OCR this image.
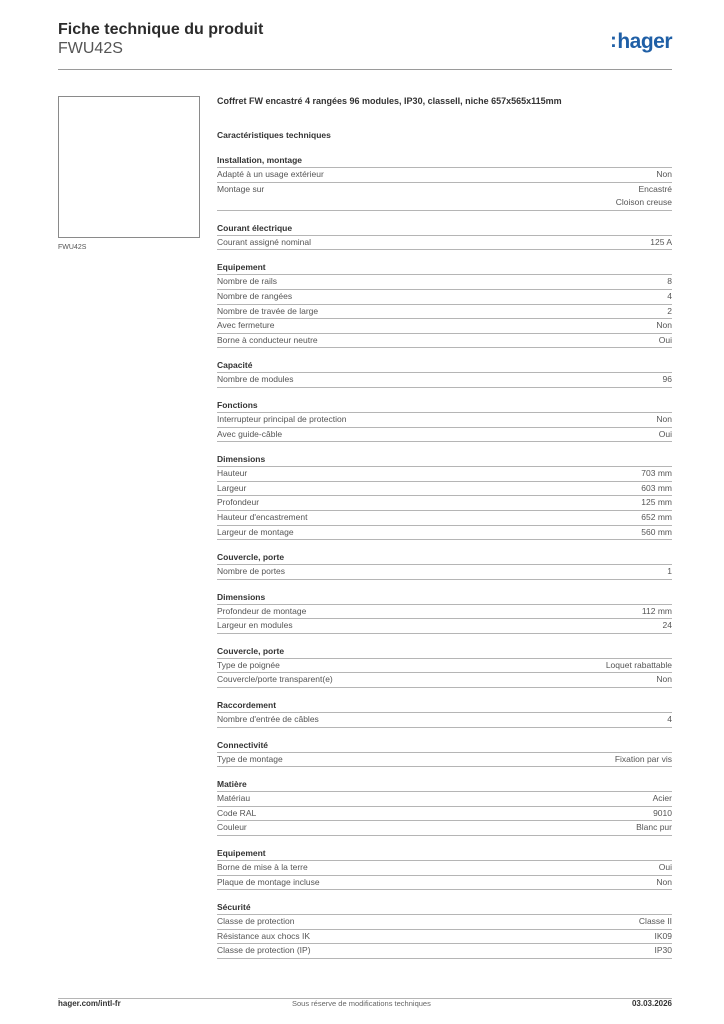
Fiche technique du produit
FWU42S	:hager
FWU42S
Coffret FW encastré 4 rangées 96 modules, IP30, classeII, niche 657x565x115mm
Caractéristiques techniques
Installation, montage
Adapté à un usage extérieur	Non
Montage sur	Encastré
Cloison creuse
Courant électrique
Courant assigné nominal	125 A
Equipement
Nombre de rails	8
Nombre de rangées	4
Nombre de travée de large	2
Avec fermeture	Non
Borne à conducteur neutre	Oui
Capacité
Nombre de modules	96
Fonctions
Interrupteur principal de protection	Non
Avec guide-câble	Oui
Dimensions
Hauteur	703 mm
Largeur	603 mm
Profondeur	125 mm
Hauteur d'encastrement	652 mm
Largeur de montage	560 mm
Couvercle, porte
Nombre de portes	1
Dimensions
Profondeur de montage	112 mm
Largeur en modules	24
Couvercle, porte
Type de poignée	Loquet rabattable
Couvercle/porte transparent(e)	Non
Raccordement
Nombre d'entrée de câbles	4
Connectivité
Type de montage	Fixation par vis
Matière
Matériau	Acier
Code RAL	9010
Couleur	Blanc pur
Equipement
Borne de mise à la terre	Oui
Plaque de montage incluse	Non
Sécurité
Classe de protection	Classe II
Résistance aux chocs IK	IK09
Classe de protection (IP)	IP30
hager.com/intl-fr	Sous réserve de modifications techniques	03.03.2026
